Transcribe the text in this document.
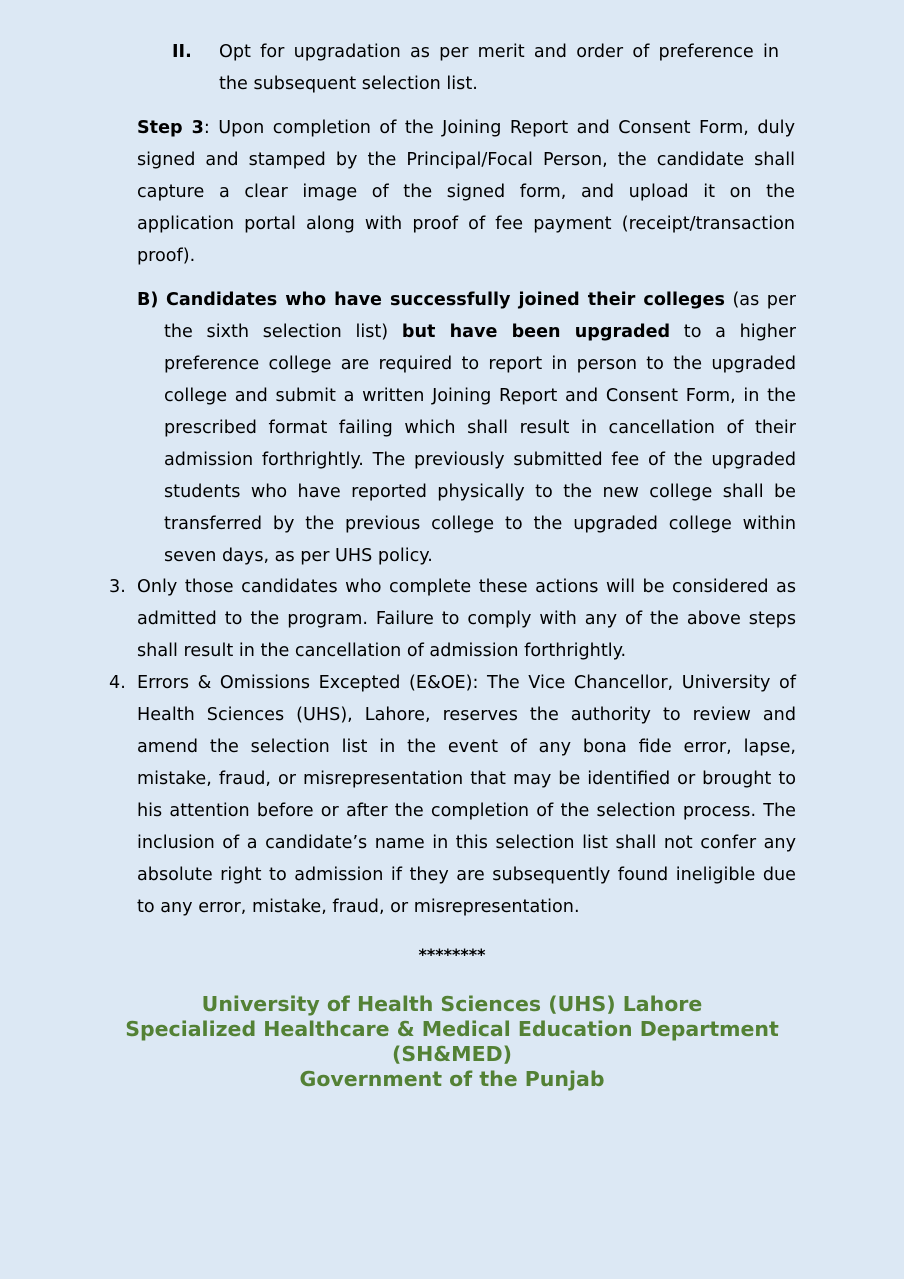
II. Opt for upgradation as per merit and order of preference in
the subsequent selection list.
Step 3: Upon completion of the Joining Report and Consent Form, duly
signed and stamped by the Principal/Focal Person, the candidate shall
capture a clear image of the signed form, and upload it on the
application portal along with proof of fee payment (receipt/transaction
proof).
B) Candidates who have successfully joined their colleges (as per
the sixth selection list) but have been upgraded to a higher
preference college are required to report in person to the upgraded
college and submit a written Joining Report and Consent Form, in the
prescribed format failing which shall result in cancellation of their
admission forthrightly. The previously submitted fee of the upgraded
students who have reported physically to the new college shall be
transferred by the previous college to the upgraded college within
seven days, as per UHS policy.
3. Only those candidates who complete these actions will be considered as
admitted to the program. Failure to comply with any of the above steps
shall result in the cancellation of admission forthrightly.
4. Errors & Omissions Excepted (E&OE): The Vice Chancellor, University of
Health Sciences (UHS), Lahore, reserves the authority to review and
amend the selection list in the event of any bona fide error, lapse,
mistake, fraud, or misrepresentation that may be identified or brought to
his attention before or after the completion of the selection process. The
inclusion of a candidate’s name in this selection list shall not confer any
absolute right to admission if they are subsequently found ineligible due
to any error, mistake, fraud, or misrepresentation.
********
University of Health Sciences (UHS) Lahore
Specialized Healthcare & Medical Education Department
(SH&MED)
Government of the Punjab
